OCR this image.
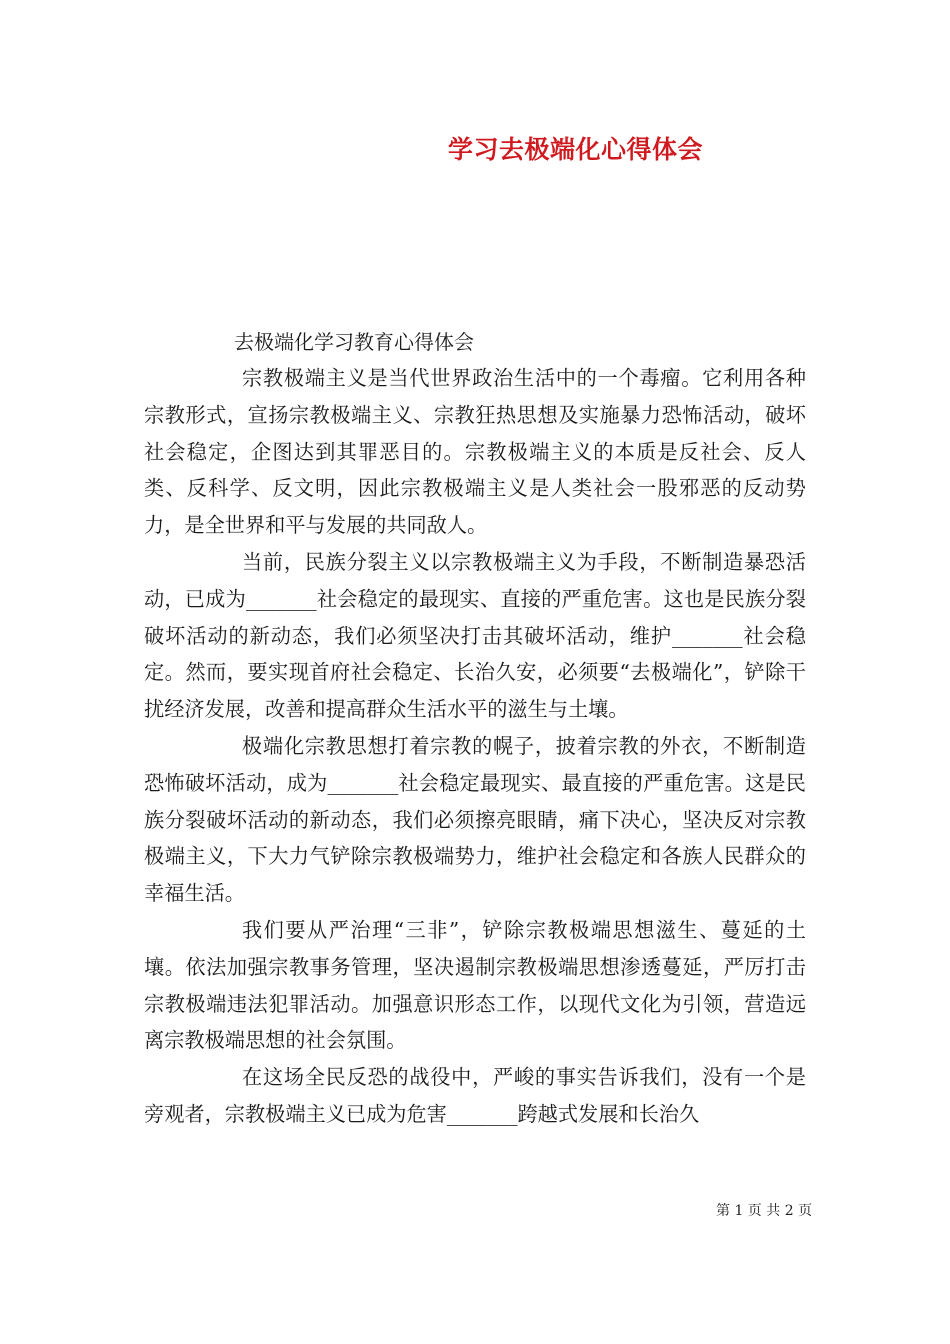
学习去极端化心得体会

去极端化学习教育心得体会

宗教极端主义是当代世界政治生活中的一个毒瘤。它利用各种宗教形式，宣扬宗教极端主义、宗教狂热思想及实施暴力恐怖活动，破坏社会稳定，企图达到其罪恶目的。宗教极端主义的本质是反社会、反人类、反科学、反文明，因此宗教极端主义是人类社会一股邪恶的反动势力，是全世界和平与发展的共同敌人。

当前，民族分裂主义以宗教极端主义为手段，不断制造暴恐活动，已成为_______社会稳定的最现实、直接的严重危害。这也是民族分裂破坏活动的新动态，我们必须坚决打击其破坏活动，维护_______社会稳定。然而，要实现首府社会稳定、长治久安，必须要“去极端化”，铲除干扰经济发展，改善和提高群众生活水平的滋生与土壤。

极端化宗教思想打着宗教的幌子，披着宗教的外衣，不断制造恐怖破坏活动，成为_______社会稳定最现实、最直接的严重危害。这是民族分裂破坏活动的新动态，我们必须擦亮眼睛，痛下决心，坚决反对宗教极端主义，下大力气铲除宗教极端势力，维护社会稳定和各族人民群众的幸福生活。

我们要从严治理“三非”，铲除宗教极端思想滋生、蔓延的土壤。依法加强宗教事务管理，坚决遏制宗教极端思想渗透蔓延，严厉打击宗教极端违法犯罪活动。加强意识形态工作，以现代文化为引领，营造远离宗教极端思想的社会氛围。

在这场全民反恐的战役中，严峻的事实告诉我们，没有一个是旁观者，宗教极端主义已成为危害_______跨越式发展和长治久

第 1 页 共 2 页
